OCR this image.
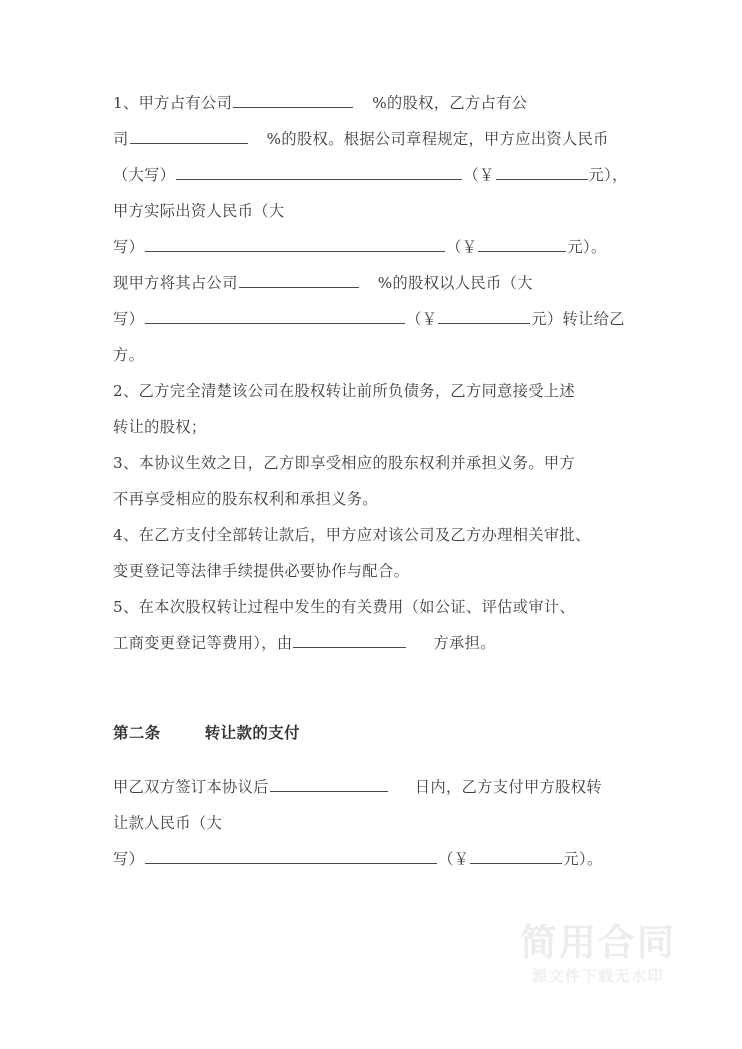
1、甲方占有公司	%的股权，乙方占有公
司	%的股权。根据公司章程规定，甲方应出资人民币
（大写）	（￥	元），
甲方实际出资人民币（大
写）	（￥	元）。
现甲方将其占公司	%的股权以人民币（大
写）	（￥	元）转让给乙
方。
2、乙方完全清楚该公司在股权转让前所负债务，乙方同意接受上述
转让的股权；
3、本协议生效之日，乙方即享受相应的股东权利并承担义务。甲方
不再享受相应的股东权利和承担义务。
4、在乙方支付全部转让款后，甲方应对该公司及乙方办理相关审批、
变更登记等法律手续提供必要协作与配合。
5、在本次股权转让过程中发生的有关费用（如公证、评估或审计、
工商变更登记等费用），由	方承担。
第二条	转让款的支付
甲乙双方签订本协议后	日内，乙方支付甲方股权转
让款人民币（大
写）	（￥	元）。
简用合同
源文件下载无水印
